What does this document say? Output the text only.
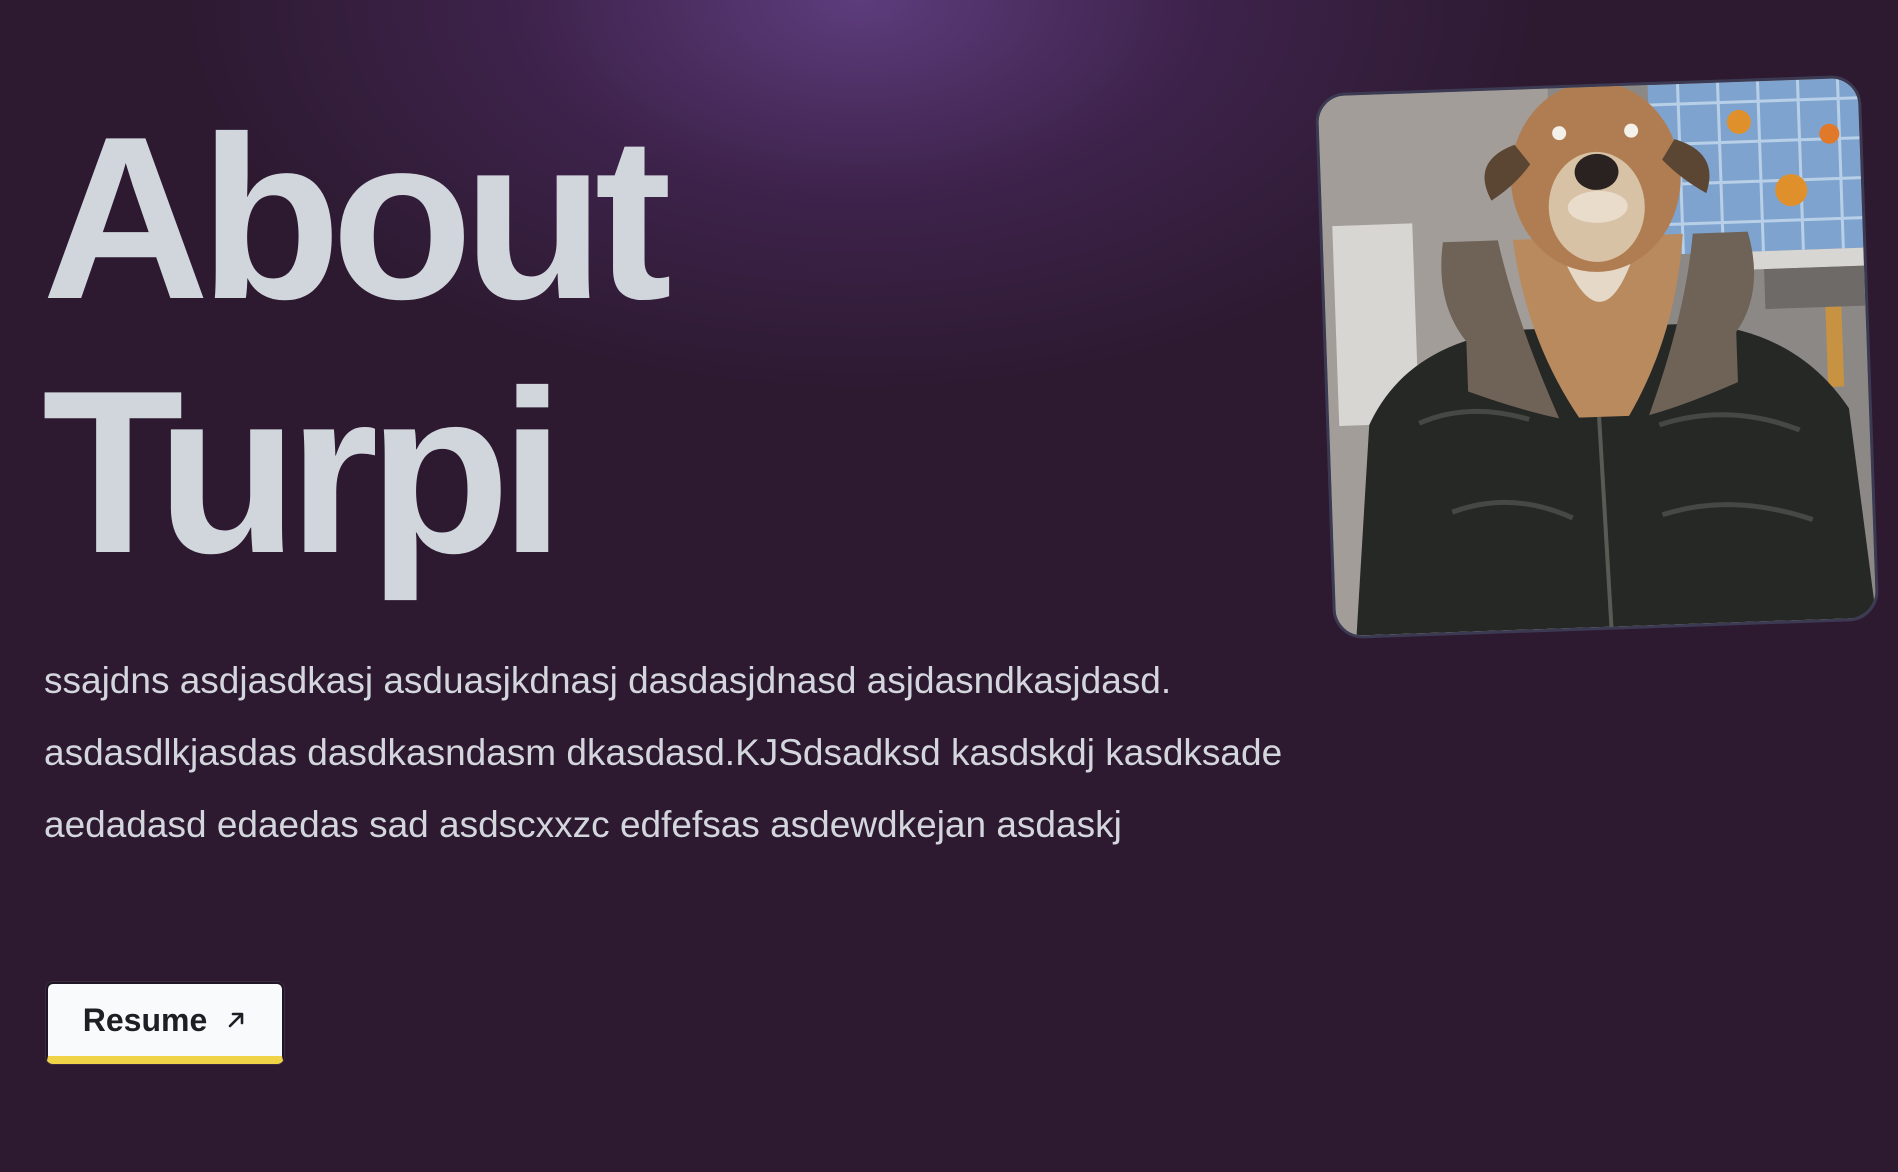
About
Turpi

ssajdns asdjasdkasj asduasjkdnasj dasdasjdnasd asjdasndkasjdasd. asdasdlkjasdas dasdkasndasm dkasdasd.KJSdsadksd kasdskdj kasdksade aedadasd edaedas sad asdscxxzc edfefsas asdewdkejan asdaskj

Resume
